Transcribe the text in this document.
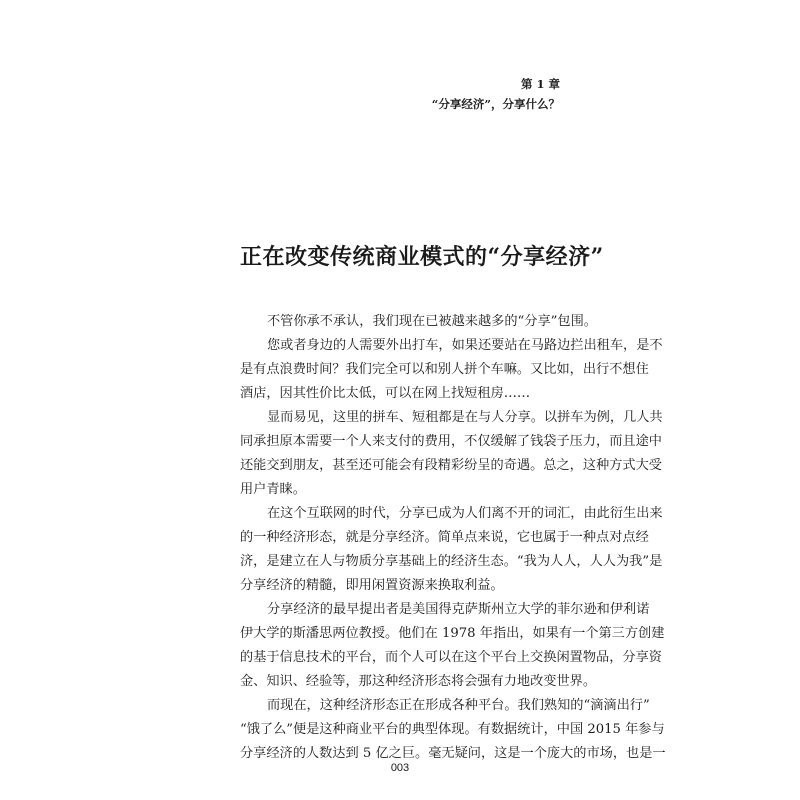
第 1 章
“分享经济”，分享什么？
正在改变传统商业模式的“分享经济”
不管你承不承认，我们现在已被越来越多的“分享”包围。
您或者身边的人需要外出打车，如果还要站在马路边拦出租车，是不
是有点浪费时间？我们完全可以和别人拼个车嘛。又比如，出行不想住
酒店，因其性价比太低，可以在网上找短租房……
显而易见，这里的拼车、短租都是在与人分享。以拼车为例，几人共
同承担原本需要一个人来支付的费用，不仅缓解了钱袋子压力，而且途中
还能交到朋友，甚至还可能会有段精彩纷呈的奇遇。总之，这种方式大受
用户青睐。
在这个互联网的时代，分享已成为人们离不开的词汇，由此衍生出来
的一种经济形态，就是分享经济。简单点来说，它也属于一种点对点经
济，是建立在人与物质分享基础上的经济生态。“我为人人，人人为我”是
分享经济的精髓，即用闲置资源来换取利益。
分享经济的最早提出者是美国得克萨斯州立大学的菲尔逊和伊利诺
伊大学的斯潘思两位教授。他们在 1978 年指出，如果有一个第三方创建
的基于信息技术的平台，而个人可以在这个平台上交换闲置物品，分享资
金、知识、经验等，那这种经济形态将会强有力地改变世界。
而现在，这种经济形态正在形成各种平台。我们熟知的“滴滴出行”
“饿了么”便是这种商业平台的典型体现。有数据统计，中国 2015 年参与
分享经济的人数达到 5 亿之巨。毫无疑问，这是一个庞大的市场，也是一
003
